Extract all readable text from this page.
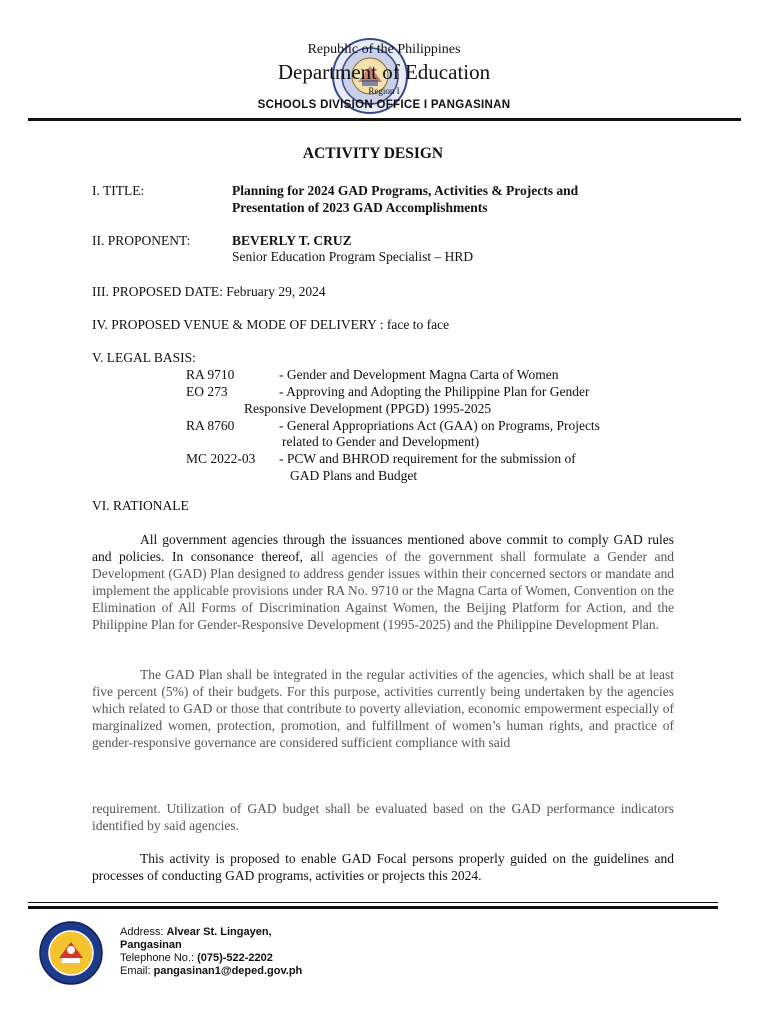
Republic of the Philippines
Department of Education
Region I
SCHOOLS DIVISION OFFICE I PANGASINAN
ACTIVITY DESIGN
I. TITLE:	Planning for 2024 GAD Programs, Activities & Projects and
Presentation of 2023 GAD Accomplishments
II. PROPONENT:	BEVERLY T. CRUZ
Senior Education Program Specialist – HRD
III. PROPOSED DATE: February 29, 2024
IV. PROPOSED VENUE & MODE OF DELIVERY : face to face
V. LEGAL BASIS:
RA 9710	- Gender and Development Magna Carta of Women
EO 273	- Approving and Adopting the Philippine Plan for Gender
Responsive Development (PPGD) 1995-2025
RA 8760	- General Appropriations Act (GAA) on Programs, Projects
related to Gender and Development)
MC 2022-03 - PCW and BHROD requirement for the submission of
GAD Plans and Budget
VI. RATIONALE
All government agencies through the issuances mentioned above commit to comply GAD rules and policies. In consonance thereof, all agencies of the government shall formulate a Gender and Development (GAD) Plan designed to address gender issues within their concerned sectors or mandate and implement the applicable provisions under RA No. 9710 or the Magna Carta of Women, Convention on the Elimination of All Forms of Discrimination Against Women, the Beijing Platform for Action, and the Philippine Plan for Gender-Responsive Development (1995-2025) and the Philippine Development Plan.
The GAD Plan shall be integrated in the regular activities of the agencies, which shall be at least five percent (5%) of their budgets. For this purpose, activities currently being undertaken by the agencies which related to GAD or those that contribute to poverty alleviation, economic empowerment especially of marginalized women, protection, promotion, and fulfillment of women’s human rights, and practice of gender-responsive governance are considered sufficient compliance with said
requirement. Utilization of GAD budget shall be evaluated based on the GAD performance indicators identified by said agencies.
This activity is proposed to enable GAD Focal persons properly guided on the guidelines and processes of conducting GAD programs, activities or projects this 2024.
Address: Alvear St. Lingayen,
Pangasinan
Telephone No.: (075)-522-2202
Email: pangasinan1@deped.gov.ph
